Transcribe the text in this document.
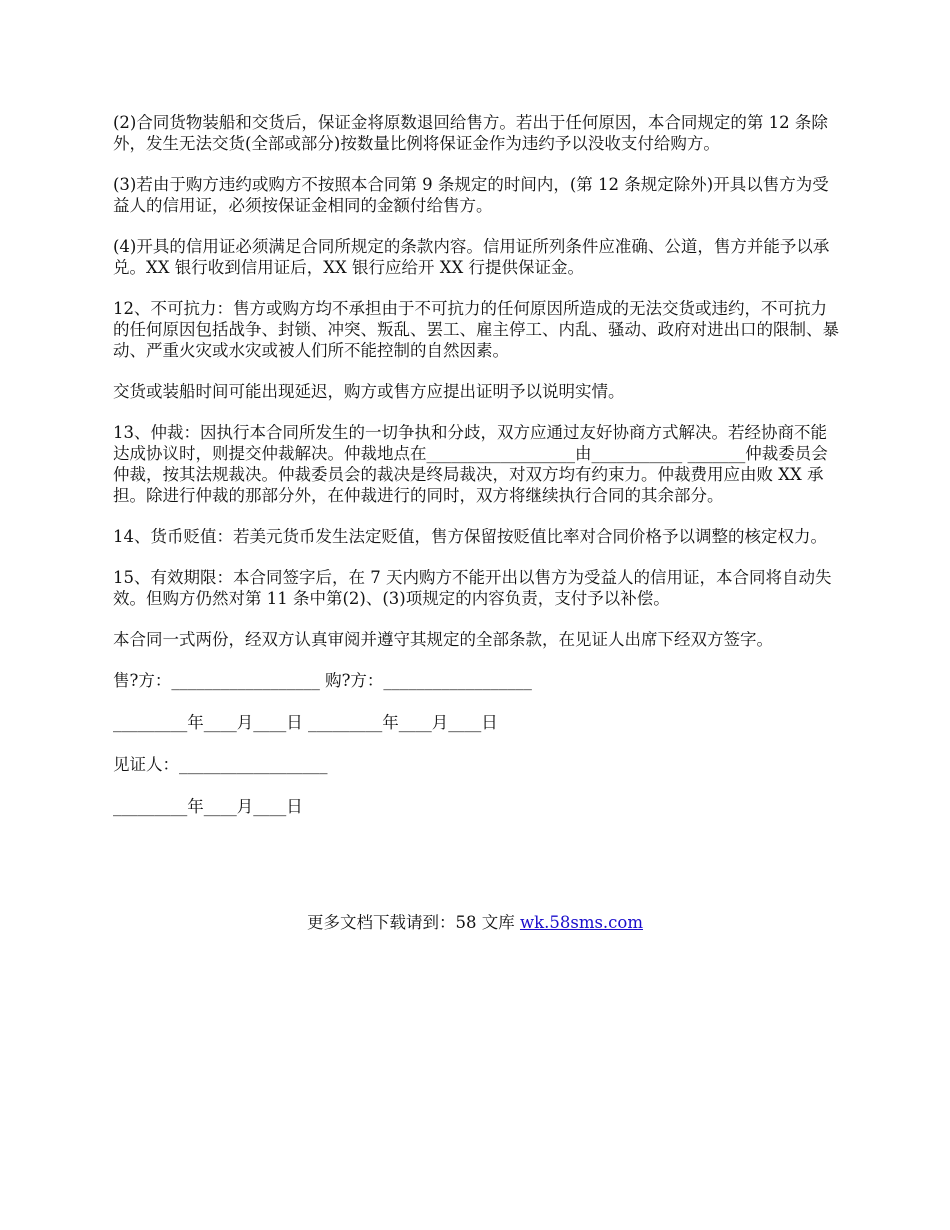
(2)合同货物装船和交货后，保证金将原数退回给售方。若出于任何原因，本合同规定的第 12 条除外，发生无法交货(全部或部分)按数量比例将保证金作为违约予以没收支付给购方。

(3)若由于购方违约或购方不按照本合同第 9 条规定的时间内，(第 12 条规定除外)开具以售方为受益人的信用证，必须按保证金相同的金额付给售方。

(4)开具的信用证必须满足合同所规定的条款内容。信用证所列条件应准确、公道，售方并能予以承兑。XX 银行收到信用证后，XX 银行应给开 XX 行提供保证金。

12、不可抗力：售方或购方均不承担由于不可抗力的任何原因所造成的无法交货或违约，不可抗力的任何原因包括战争、封锁、冲突、叛乱、罢工、雇主停工、内乱、骚动、政府对进出口的限制、暴动、严重火灾或水灾或被人们所不能控制的自然因素。

交货或装船时间可能出现延迟，购方或售方应提出证明予以说明实情。

13、仲裁：因执行本合同所发生的一切争执和分歧，双方应通过友好协商方式解决。若经协商不能达成协议时，则提交仲裁解决。仲裁地点在__________________由___________ _______仲裁委员会仲裁，按其法规裁决。仲裁委员会的裁决是终局裁决，对双方均有约束力。仲裁费用应由败 XX 承担。除进行仲裁的那部分外，在仲裁进行的同时，双方将继续执行合同的其余部分。

14、货币贬值：若美元货币发生法定贬值，售方保留按贬值比率对合同价格予以调整的核定权力。

15、有效期限：本合同签字后，在 7 天内购方不能开出以售方为受益人的信用证，本合同将自动失效。但购方仍然对第 11 条中第(2)、(3)项规定的内容负责，支付予以补偿。

本合同一式两份，经双方认真审阅并遵守其规定的全部条款，在见证人出席下经双方签字。

售?方：__________________ 购?方：__________________
_________年____月____日 _________年____月____日
见证人：__________________
_________年____月____日
更多文档下载请到：58 文库 wk.58sms.com
